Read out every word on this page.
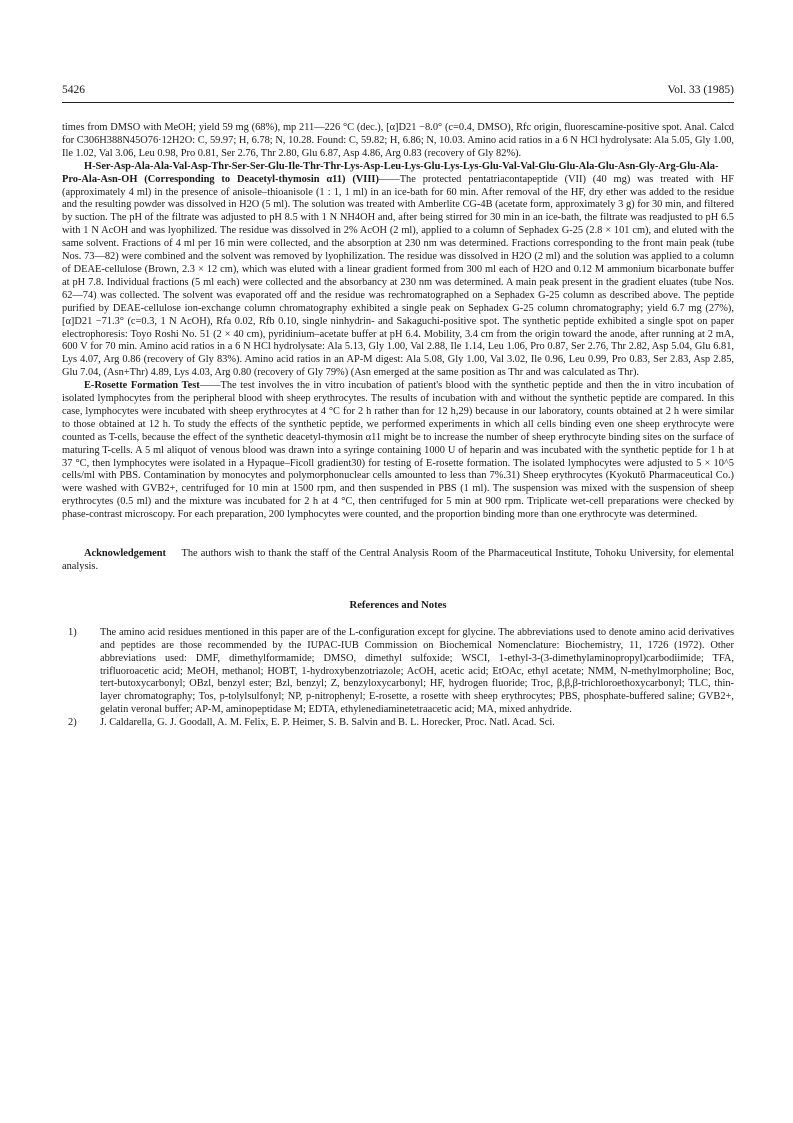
5426	Vol. 33 (1985)

times from DMSO with MeOH; yield 59 mg (68%), mp 211—226 °C (dec.), [α]D21 −8.0° (c=0.4, DMSO), Rfc origin, fluorescamine-positive spot. Anal. Calcd for C306H388N45O76·12H2O: C, 59.97; H, 6.78; N, 10.28. Found: C, 59.82; H, 6.86; N, 10.03. Amino acid ratios in a 6 N HCl hydrolysate: Ala 5.05, Gly 1.00, Ile 1.02, Val 3.06, Leu 0.98, Pro 0.81, Ser 2.76, Thr 2.80, Glu 6.87, Asp 4.86, Arg 0.83 (recovery of Gly 82%).

H-Ser-Asp-Ala-Ala-Val-Asp-Thr-Ser-Ser-Glu-Ile-Thr-Thr-Lys-Asp-Leu-Lys-Glu-Lys-Lys-Glu-Val-Val-Glu-Glu-Ala-Glu-Asn-Gly-Arg-Glu-Ala-Pro-Ala-Asn-OH (Corresponding to Deacetyl-thymosin α11) (VIII)——The protected pentatriacontapeptide (VII) (40 mg) was treated with HF (approximately 4 ml) in the presence of anisole–thioanisole (1 : 1, 1 ml) in an ice-bath for 60 min. After removal of the HF, dry ether was added to the residue and the resulting powder was dissolved in H2O (5 ml). The solution was treated with Amberlite CG-4B (acetate form, approximately 3 g) for 30 min, and filtered by suction. The pH of the filtrate was adjusted to pH 8.5 with 1 N NH4OH and, after being stirred for 30 min in an ice-bath, the filtrate was readjusted to pH 6.5 with 1 N AcOH and was lyophilized. The residue was dissolved in 2% AcOH (2 ml), applied to a column of Sephadex G-25 (2.8 × 101 cm), and eluted with the same solvent. Fractions of 4 ml per 16 min were collected, and the absorption at 230 nm was determined. Fractions corresponding to the front main peak (tube Nos. 73—82) were combined and the solvent was removed by lyophilization. The residue was dissolved in H2O (2 ml) and the solution was applied to a column of DEAE-cellulose (Brown, 2.3 × 12 cm), which was eluted with a linear gradient formed from 300 ml each of H2O and 0.12 M ammonium bicarbonate buffer at pH 7.8. Individual fractions (5 ml each) were collected and the absorbancy at 230 nm was determined. A main peak present in the gradient eluates (tube Nos. 62—74) was collected. The solvent was evaporated off and the residue was rechromatographed on a Sephadex G-25 column as described above. The peptide purified by DEAE-cellulose ion-exchange column chromatography exhibited a single peak on Sephadex G-25 column chromatography; yield 6.7 mg (27%), [α]D21 −71.3° (c=0.3, 1 N AcOH), Rfa 0.02, Rfb 0.10, single ninhydrin- and Sakaguchi-positive spot. The synthetic peptide exhibited a single spot on paper electrophoresis: Toyo Roshi No. 51 (2 × 40 cm), pyridinium–acetate buffer at pH 6.4. Mobility, 3.4 cm from the origin toward the anode, after running at 2 mA, 600 V for 70 min. Amino acid ratios in a 6 N HCl hydrolysate: Ala 5.13, Gly 1.00, Val 2.88, Ile 1.14, Leu 1.06, Pro 0.87, Ser 2.76, Thr 2.82, Asp 5.04, Glu 6.81, Lys 4.07, Arg 0.86 (recovery of Gly 83%). Amino acid ratios in an AP-M digest: Ala 5.08, Gly 1.00, Val 3.02, Ile 0.96, Leu 0.99, Pro 0.83, Ser 2.83, Asp 2.85, Glu 7.04, (Asn+Thr) 4.89, Lys 4.03, Arg 0.80 (recovery of Gly 79%) (Asn emerged at the same position as Thr and was calculated as Thr).

E-Rosette Formation Test——The test involves the in vitro incubation of patient's blood with the synthetic peptide and then the in vitro incubation of isolated lymphocytes from the peripheral blood with sheep erythrocytes. The results of incubation with and without the synthetic peptide are compared. In this case, lymphocytes were incubated with sheep erythrocytes at 4 °C for 2 h rather than for 12 h,29) because in our laboratory, counts obtained at 2 h were similar to those obtained at 12 h. To study the effects of the synthetic peptide, we performed experiments in which all cells binding even one sheep erythrocyte were counted as T-cells, because the effect of the synthetic deacetyl-thymosin α11 might be to increase the number of sheep erythrocyte binding sites on the surface of maturing T-cells. A 5 ml aliquot of venous blood was drawn into a syringe containing 1000 U of heparin and was incubated with the synthetic peptide for 1 h at 37 °C, then lymphocytes were isolated in a Hypaque–Ficoll gradient30) for testing of E-rosette formation. The isolated lymphocytes were adjusted to 5 × 10^5 cells/ml with PBS. Contamination by monocytes and polymorphonuclear cells amounted to less than 7%.31) Sheep erythrocytes (Kyokutō Pharmaceutical Co.) were washed with GVB2+, centrifuged for 10 min at 1500 rpm, and then suspended in PBS (1 ml). The suspension was mixed with the suspension of sheep erythrocytes (0.5 ml) and the mixture was incubated for 2 h at 4 °C, then centrifuged for 5 min at 900 rpm. Triplicate wet-cell preparations were checked by phase-contrast microscopy. For each preparation, 200 lymphocytes were counted, and the proportion binding more than one erythrocyte was determined.

Acknowledgement The authors wish to thank the staff of the Central Analysis Room of the Pharmaceutical Institute, Tohoku University, for elemental analysis.

References and Notes

1) The amino acid residues mentioned in this paper are of the L-configuration except for glycine. The abbreviations used to denote amino acid derivatives and peptides are those recommended by the IUPAC-IUB Commission on Biochemical Nomenclature: Biochemistry, 11, 1726 (1972). Other abbreviations used: DMF, dimethylformamide; DMSO, dimethyl sulfoxide; WSCI, 1-ethyl-3-(3-dimethylaminopropyl)carbodiimide; TFA, trifluoroacetic acid; MeOH, methanol; HOBT, 1-hydroxybenzotriazole; AcOH, acetic acid; EtOAc, ethyl acetate; NMM, N-methylmorpholine; Boc, tert-butoxycarbonyl; OBzl, benzyl ester; Bzl, benzyl; Z, benzyloxycarbonyl; HF, hydrogen fluoride; Troc, β,β,β-trichloroethoxycarbonyl; TLC, thin-layer chromatography; Tos, p-tolylsulfonyl; NP, p-nitrophenyl; E-rosette, a rosette with sheep erythrocytes; PBS, phosphate-buffered saline; GVB2+, gelatin veronal buffer; AP-M, aminopeptidase M; EDTA, ethylenediaminetetraacetic acid; MA, mixed anhydride.
2) J. Caldarella, G. J. Goodall, A. M. Felix, E. P. Heimer, S. B. Salvin and B. L. Horecker, Proc. Natl. Acad. Sci.
